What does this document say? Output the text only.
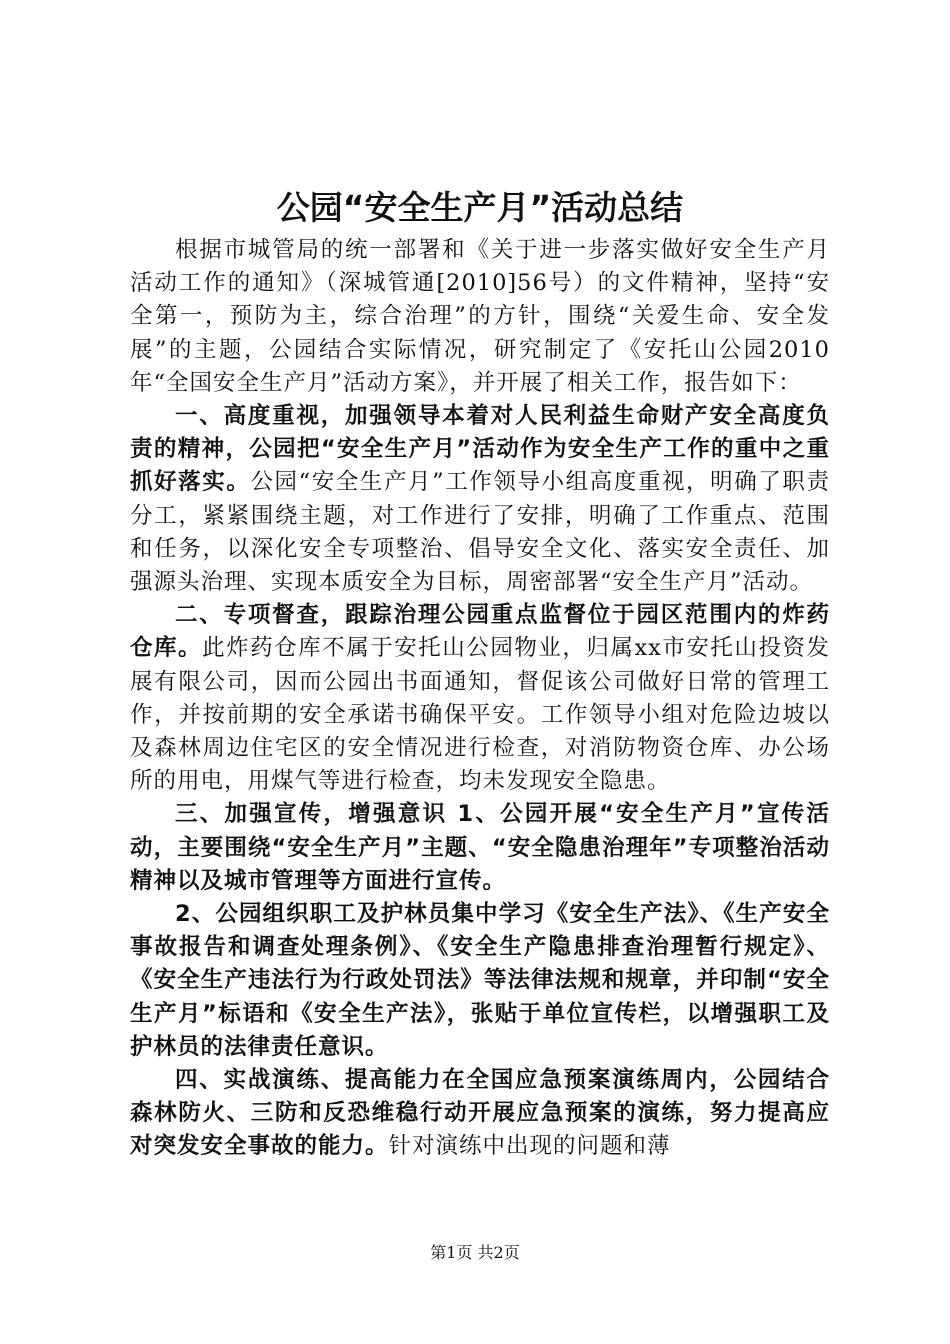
公园“安全生产月”活动总结

根据市城管局的统一部署和《关于进一步落实做好安全生产月活动工作的通知》（深城管通[2010]56号）的文件精神，坚持“安全第一，预防为主，综合治理”的方针，围绕“关爱生命、安全发展”的主题，公园结合实际情况，研究制定了《安托山公园2010年“全国安全生产月”活动方案》，并开展了相关工作，报告如下：

一、高度重视，加强领导本着对人民利益生命财产安全高度负责的精神，公园把“安全生产月”活动作为安全生产工作的重中之重抓好落实。公园“安全生产月”工作领导小组高度重视，明确了职责分工，紧紧围绕主题，对工作进行了安排，明确了工作重点、范围和任务，以深化安全专项整治、倡导安全文化、落实安全责任、加强源头治理、实现本质安全为目标，周密部署“安全生产月”活动。

二、专项督查，跟踪治理公园重点监督位于园区范围内的炸药仓库。此炸药仓库不属于安托山公园物业，归属xx市安托山投资发展有限公司，因而公园出书面通知，督促该公司做好日常的管理工作，并按前期的安全承诺书确保平安。工作领导小组对危险边坡以及森林周边住宅区的安全情况进行检查，对消防物资仓库、办公场所的用电，用煤气等进行检查，均未发现安全隐患。

三、加强宣传，增强意识 1、公园开展“安全生产月”宣传活动，主要围绕“安全生产月”主题、“安全隐患治理年”专项整治活动精神以及城市管理等方面进行宣传。

2、公园组织职工及护林员集中学习《安全生产法》、《生产安全事故报告和调查处理条例》、《安全生产隐患排查治理暂行规定》、《安全生产违法行为行政处罚法》等法律法规和规章，并印制“安全生产月”标语和《安全生产法》，张贴于单位宣传栏，以增强职工及护林员的法律责任意识。

四、实战演练、提高能力在全国应急预案演练周内，公园结合森林防火、三防和反恐维稳行动开展应急预案的演练，努力提高应对突发安全事故的能力。针对演练中出现的问题和薄

第1页 共2页
